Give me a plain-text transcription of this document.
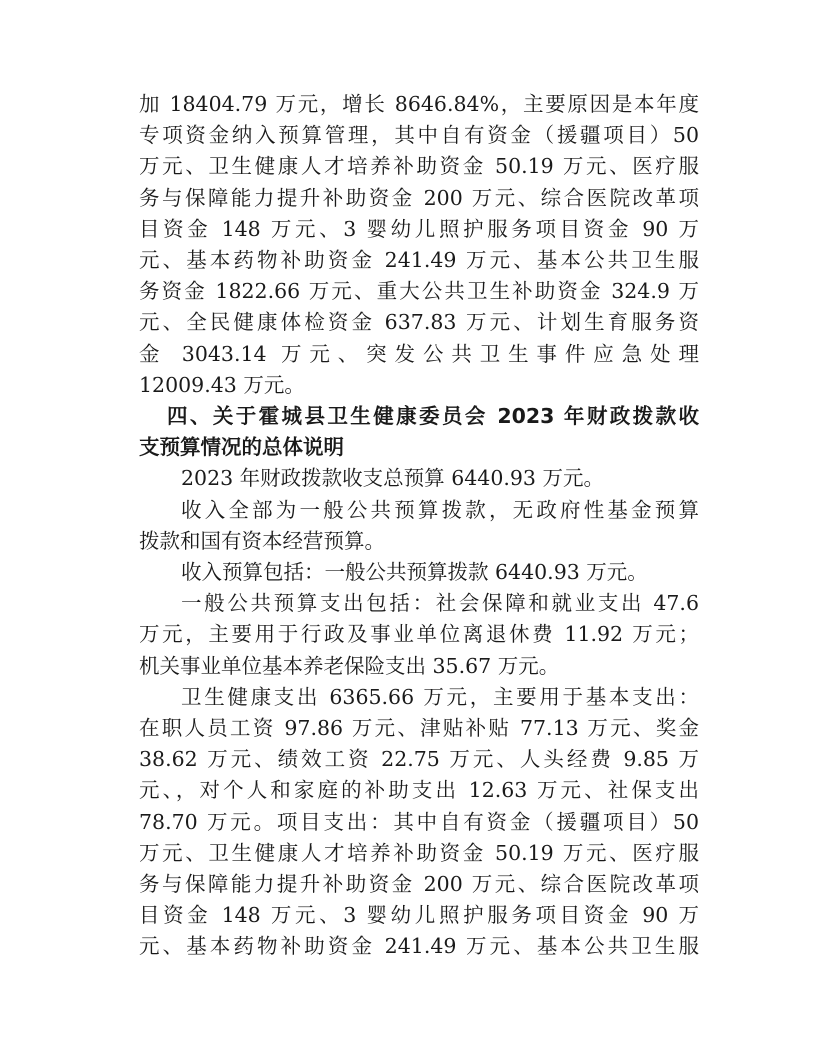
加 18404.79 万元，增长 8646.84%，主要原因是本年度
专项资金纳入预算管理，其中自有资金（援疆项目）50
万元、卫生健康人才培养补助资金 50.19 万元、医疗服
务与保障能力提升补助资金 200 万元、综合医院改革项
目资金 148 万元、3 婴幼儿照护服务项目资金 90 万
元、基本药物补助资金 241.49 万元、基本公共卫生服
务资金 1822.66 万元、重大公共卫生补助资金 324.9 万
元、全民健康体检资金 637.83 万元、计划生育服务资
金 3043.14 万元、突发公共卫生事件应急处理
12009.43 万元。
四、关于霍城县卫生健康委员会 2023 年财政拨款收
支预算情况的总体说明
2023 年财政拨款收支总预算 6440.93 万元。
收入全部为一般公共预算拨款，无政府性基金预算
拨款和国有资本经营预算。
收入预算包括：一般公共预算拨款 6440.93 万元。
一般公共预算支出包括：社会保障和就业支出 47.6
万元，主要用于行政及事业单位离退休费 11.92 万元；
机关事业单位基本养老保险支出 35.67 万元。
卫生健康支出 6365.66 万元，主要用于基本支出：
在职人员工资 97.86 万元、津贴补贴 77.13 万元、奖金
38.62 万元、绩效工资 22.75 万元、人头经费 9.85 万
元、，对个人和家庭的补助支出 12.63 万元、社保支出
78.70 万元。项目支出：其中自有资金（援疆项目）50
万元、卫生健康人才培养补助资金 50.19 万元、医疗服
务与保障能力提升补助资金 200 万元、综合医院改革项
目资金 148 万元、3 婴幼儿照护服务项目资金 90 万
元、基本药物补助资金 241.49 万元、基本公共卫生服
